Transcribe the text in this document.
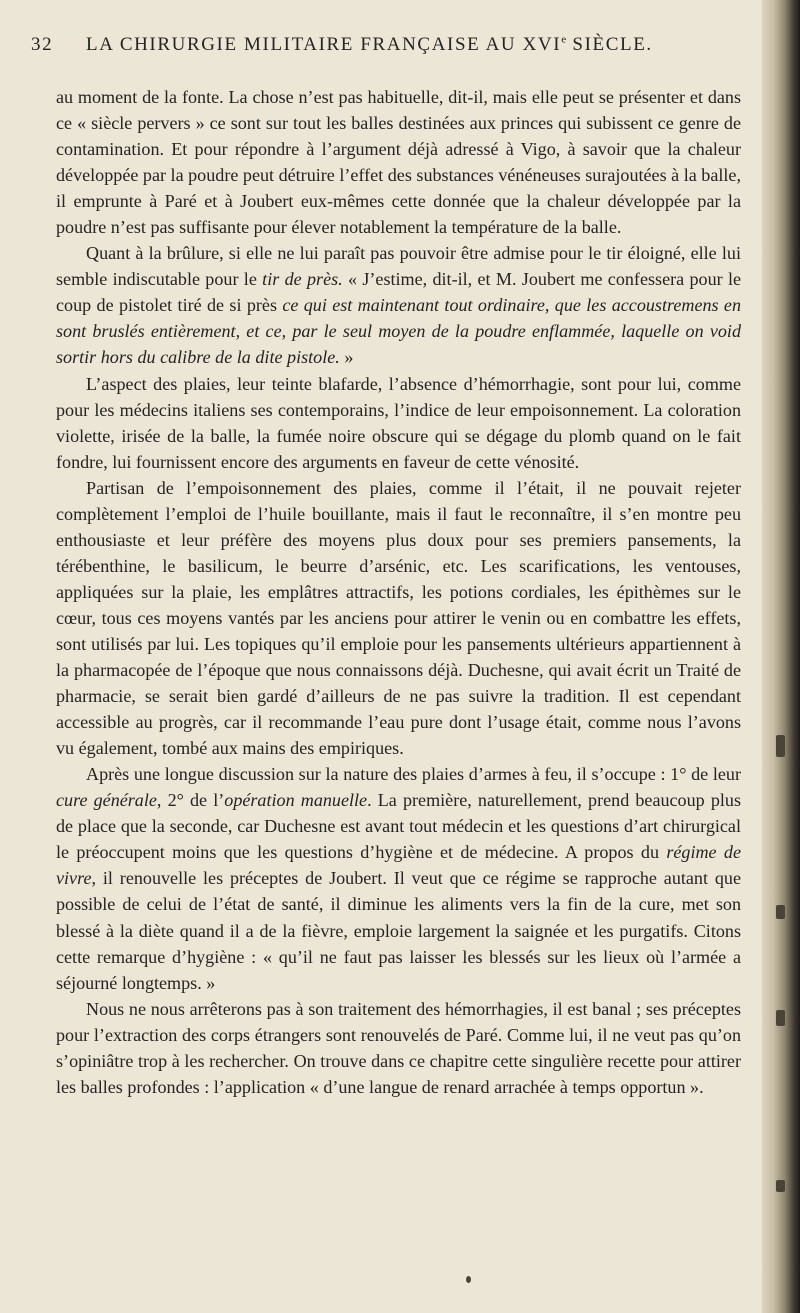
32 LA CHIRURGIE MILITAIRE FRANÇAISE AU XVIe SIÈCLE.

au moment de la fonte. La chose n’est pas habituelle, dit-il, mais elle peut se présenter et dans ce « siècle pervers » ce sont sur tout les balles destinées aux princes qui subissent ce genre de contamination. Et pour répondre à l’argument déjà adressé à Vigo, à savoir que la chaleur développée par la poudre peut détruire l’effet des substances vénéneuses surajoutées à la balle, il emprunte à Paré et à Joubert eux-mêmes cette donnée que la chaleur développée par la poudre n’est pas suffisante pour élever notablement la température de la balle.

Quant à la brûlure, si elle ne lui paraît pas pouvoir être admise pour le tir éloigné, elle lui semble indiscutable pour le tir de près. « J’estime, dit-il, et M. Joubert me confessera pour le coup de pistolet tiré de si près ce qui est maintenant tout ordinaire, que les accoustremens en sont bruslés entièrement, et ce, par le seul moyen de la poudre enflammée, laquelle on void sortir hors du calibre de la dite pistole. »

L’aspect des plaies, leur teinte blafarde, l’absence d’hémorrhagie, sont pour lui, comme pour les médecins italiens ses contemporains, l’indice de leur empoisonnement. La coloration violette, irisée de la balle, la fumée noire obscure qui se dégage du plomb quand on le fait fondre, lui fournissent encore des arguments en faveur de cette vénosité.

Partisan de l’empoisonnement des plaies, comme il l’était, il ne pouvait rejeter complètement l’emploi de l’huile bouillante, mais il faut le reconnaître, il s’en montre peu enthousiaste et leur préfère des moyens plus doux pour ses premiers pansements, la térébenthine, le basilicum, le beurre d’arsénic, etc. Les scarifications, les ventouses, appliquées sur la plaie, les emplâtres attractifs, les potions cordiales, les épithèmes sur le cœur, tous ces moyens vantés par les anciens pour attirer le venin ou en combattre les effets, sont utilisés par lui. Les topiques qu’il emploie pour les pansements ultérieurs appartiennent à la pharmacopée de l’époque que nous connaissons déjà. Duchesne, qui avait écrit un Traité de pharmacie, se serait bien gardé d’ailleurs de ne pas suivre la tradition. Il est cependant accessible au progrès, car il recommande l’eau pure dont l’usage était, comme nous l’avons vu également, tombé aux mains des empiriques.

Après une longue discussion sur la nature des plaies d’armes à feu, il s’occupe : 1° de leur cure générale, 2° de l’opération manuelle. La première, naturellement, prend beaucoup plus de place que la seconde, car Duchesne est avant tout médecin et les questions d’art chirurgical le préoccupent moins que les questions d’hygiène et de médecine. A propos du régime de vivre, il renouvelle les préceptes de Joubert. Il veut que ce régime se rapproche autant que possible de celui de l’état de santé, il diminue les aliments vers la fin de la cure, met son blessé à la diète quand il a de la fièvre, emploie largement la saignée et les purgatifs. Citons cette remarque d’hygiène : « qu’il ne faut pas laisser les blessés sur les lieux où l’armée a séjourné longtemps. »

Nous ne nous arrêterons pas à son traitement des hémorrhagies, il est banal ; ses préceptes pour l’extraction des corps étrangers sont renouvelés de Paré. Comme lui, il ne veut pas qu’on s’opiniâtre trop à les rechercher. On trouve dans ce chapitre cette singulière recette pour attirer les balles profondes : l’application « d’une langue de renard arrachée à temps opportun ».
